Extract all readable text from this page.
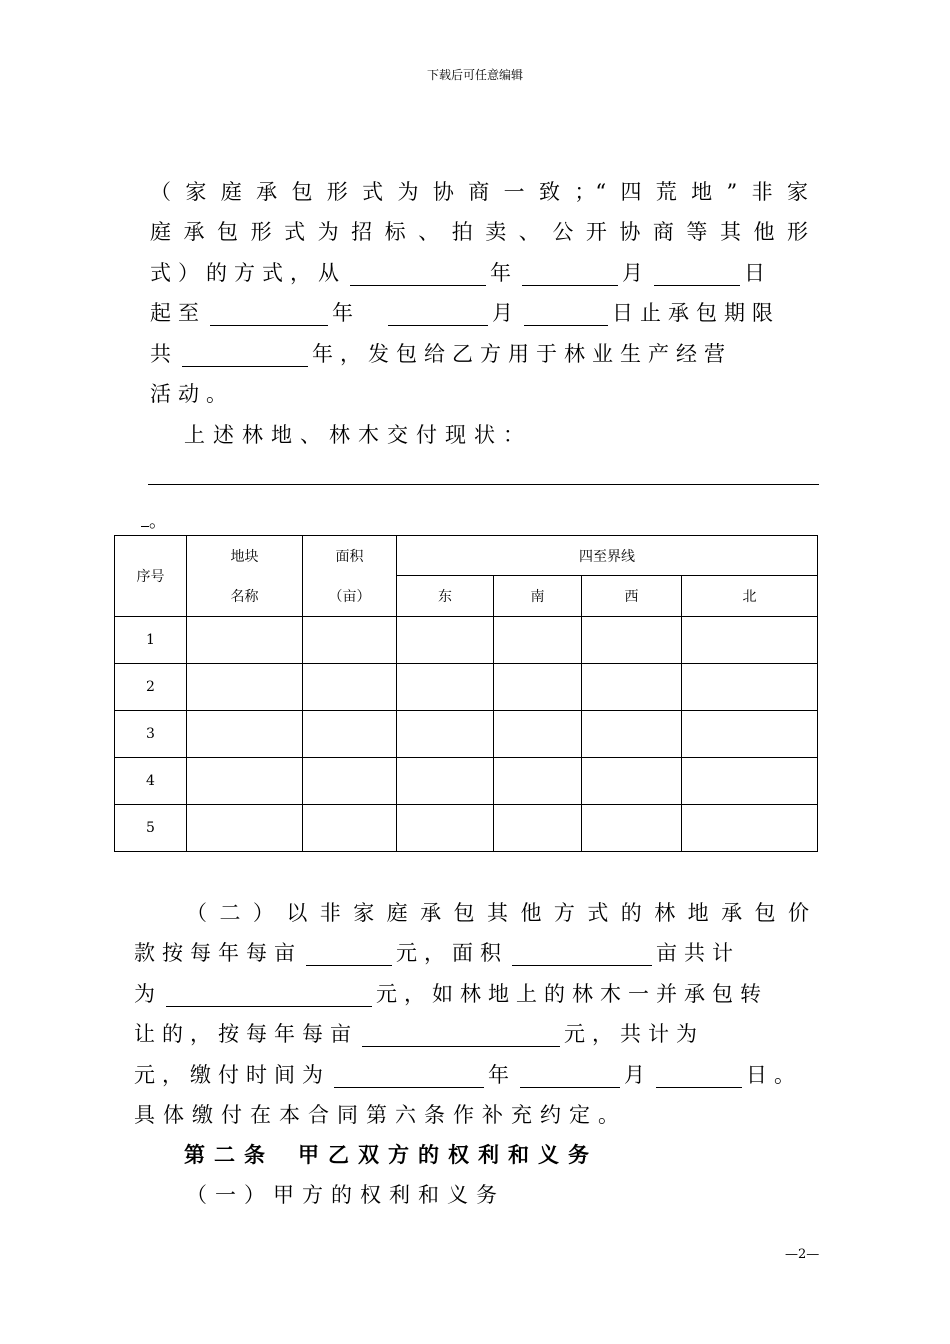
下载后可任意编辑
（家庭承包形式为协商一致；“四荒地”非家
庭承包形式为招标、拍卖、公开协商等其他形
式）的方式，从	年	月	日
起至	年	月	日止承包期限
共	年，发包给乙方用于林业生产经营
活动。
上述林地、林木交付现状：
。
序号	地块	面积	四至界线			
	名称	（亩）	东	南	西	北
1						
2						
3						
4						
5						
（二）以非家庭承包其他方式的林地承包价
款按每年每亩	元，面积	亩共计
为	元，如林地上的林木一并承包转
让的，按每年每亩	元，共计为
元，缴付时间为	年	月	日。
具体缴付在本合同第六条作补充约定。
第二条 甲乙双方的权利和义务
（一）甲方的权利和义务
—2—
